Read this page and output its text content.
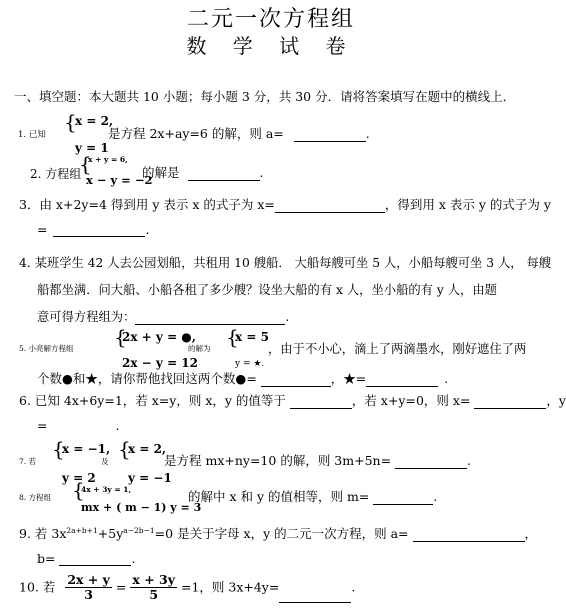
二元一次方程组
数 学 试 卷
一、填空题：本大题共 10 小题；每小题 3 分，共 30 分．请将答案填写在题中的横线上．
1. 已知
{
x = 2,
y = 1
是方程 2x+ay=6 的解，则 a=	.
2. 方程组
{
x + y = 6,
x − y = −2
的解是	.
3．由 x+2y=4 得到用 y 表示 x 的式子为 x=	，得到用 x 表示 y 的式子为 y
=	.
4. 某班学生 42 人去公园划船，共租用 10 艘船． 大船每艘可坐 5 人，小船每艘可坐 3 人， 每艘
船都坐满．问大船、小船各租了多少艘？设坐大船的有 x 人，坐小船的有 y 人，由题
意可得方程组为：	.
5. 小亮解方程组 {
2x + y = ●,
2x − y = 12
的解为 {
x = 5
y = ★.
，由于不小心，滴上了两滴墨水，刚好遮住了两
个数●和★，请你帮他找回这两个数●=	，★=	.
6. 已知 4x+6y=1，若 x=y，则 x，y 的值等于	，若 x+y=0，则 x=	，y
=	.
7. 若
{
x = −1,
y = 2
及
{
x = 2,
y = −1
是方程 mx+ny=10 的解，则 3m+5n=	.
8. 方程组 {
4x + 3y = 1,
mx + ( m − 1) y = 3
的解中 x 和 y 的值相等，则 m=	.
9. 若 $3x^{2a+b+1}+5y^{a-2b-1}=0$ 是关于字母 x，y 的二元一次方程，则 a=	，
b=	.
10. 若 $\frac{2x + y}{3} = \frac{x + 3y}{5} =1$，则 3x+4y=	.
